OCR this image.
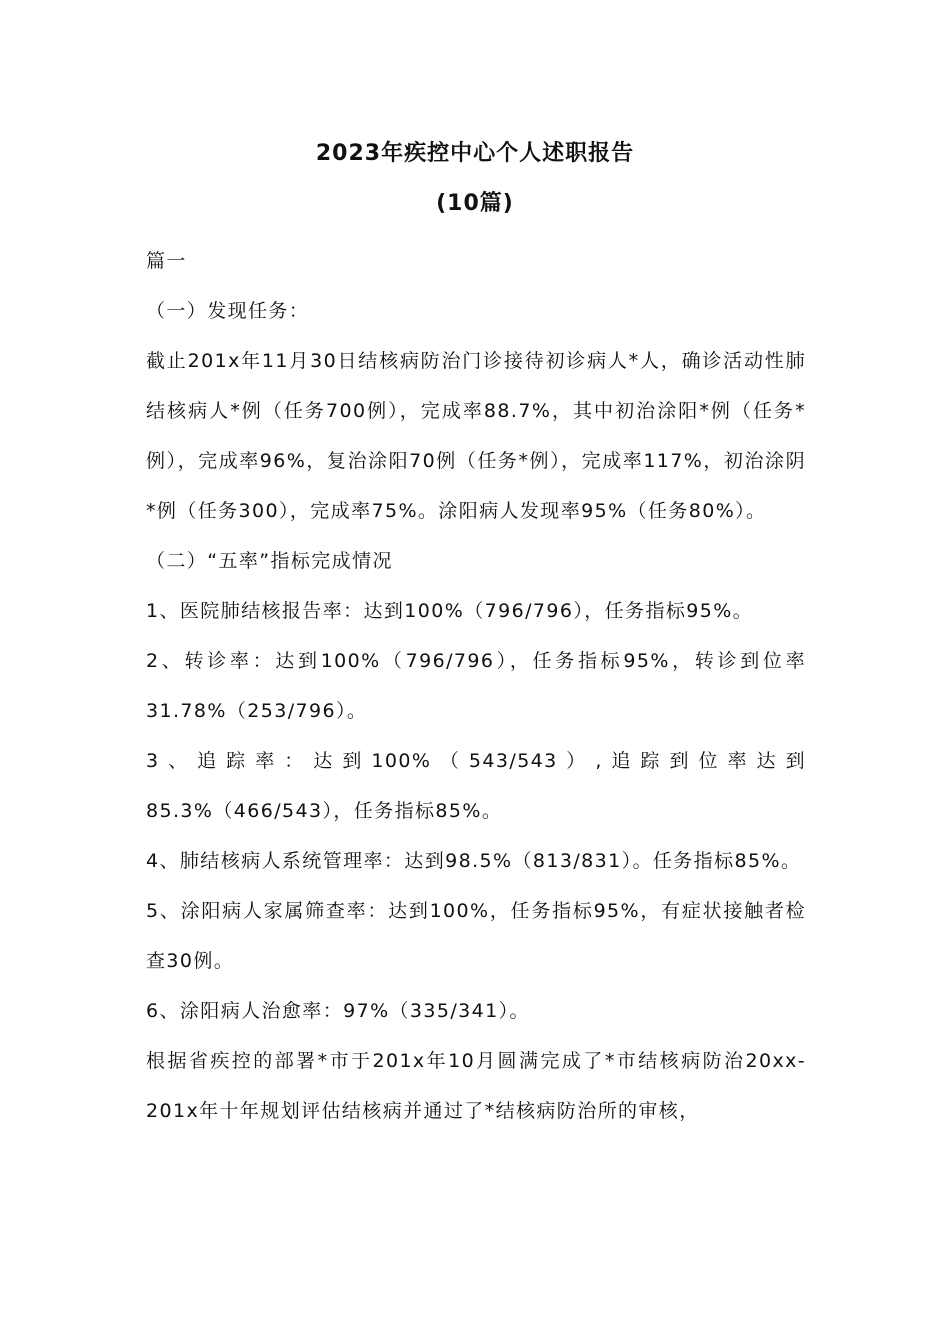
2023年疾控中心个人述职报告
(10篇)

篇一

（一）发现任务：

截止201x年11月30日结核病防治门诊接待初诊病人*人，确诊活动性肺结核病人*例（任务700例），完成率88.7%，其中初治涂阳*例（任务*例），完成率96%，复治涂阳70例（任务*例），完成率117%，初治涂阴*例（任务300），完成率75%。涂阳病人发现率95%（任务80%）。

（二）“五率”指标完成情况

1、医院肺结核报告率：达到100%（796/796），任务指标95%。

2、转诊率：达到100%（796/796），任务指标95%，转诊到位率31.78%（253/796）。

3、追踪率：达到100%（543/543）,追踪到位率达到85.3%（466/543），任务指标85%。

4、肺结核病人系统管理率：达到98.5%（813/831）。任务指标85%。

5、涂阳病人家属筛查率：达到100%，任务指标95%，有症状接触者检查30例。

6、涂阳病人治愈率：97%（335/341）。

根据省疾控的部署*市于201x年10月圆满完成了*市结核病防治20xx-201x年十年规划评估结核病并通过了*结核病防治所的审核，
